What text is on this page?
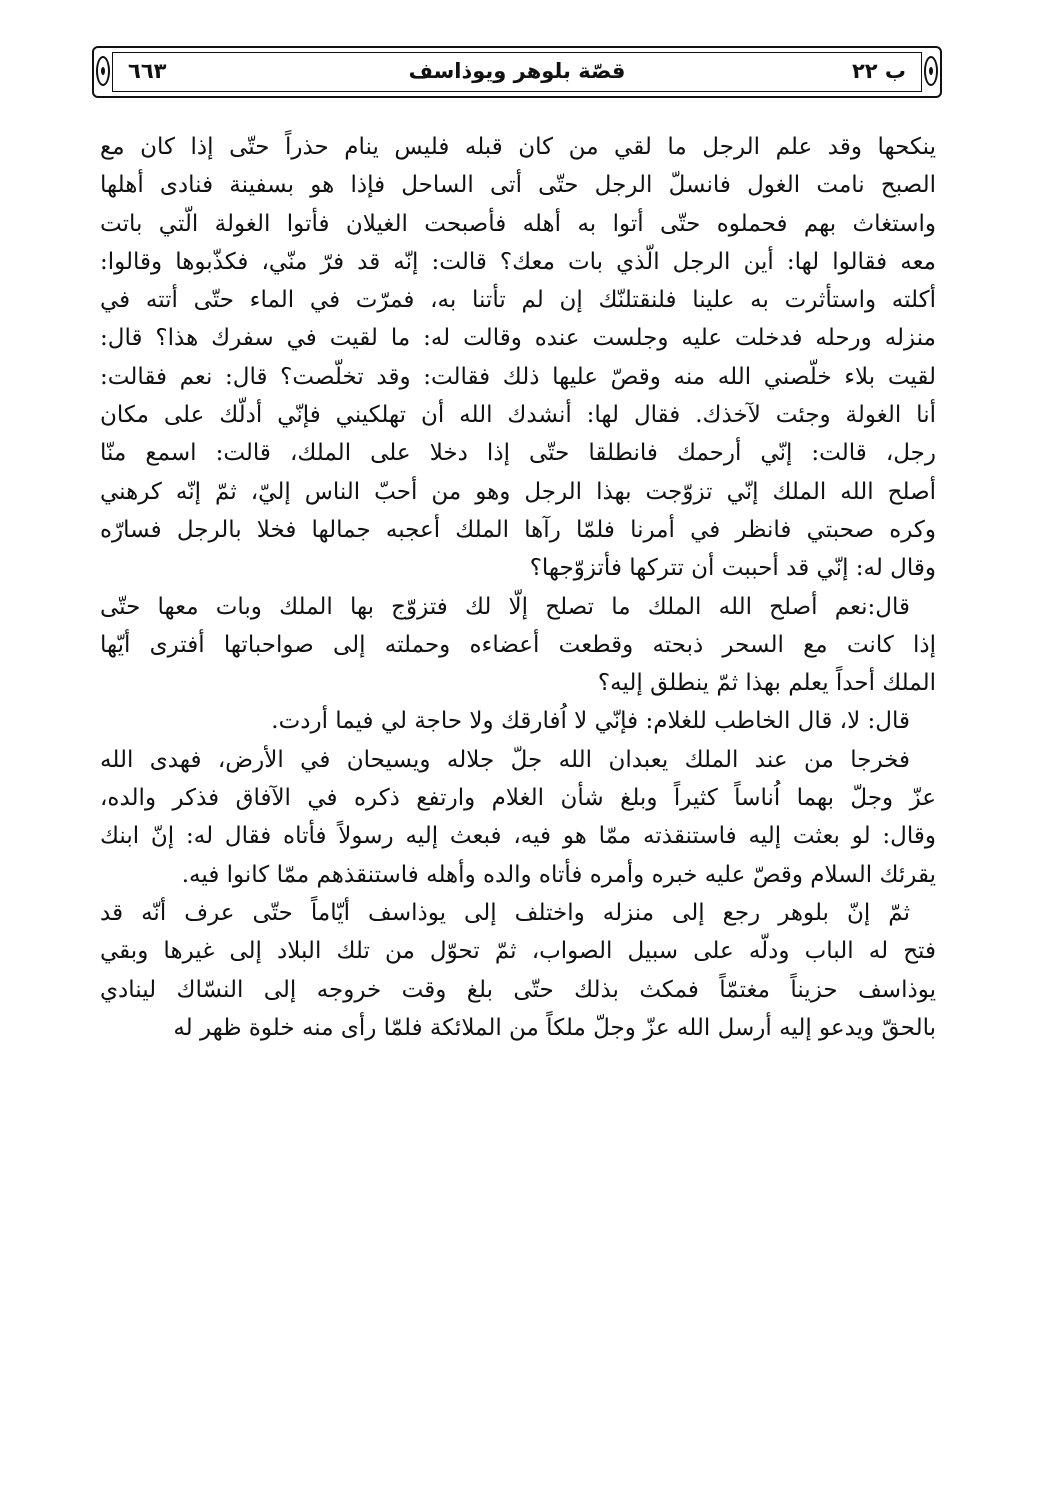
ب ٢٢
قصّة بلوهر ويوذاسف
٦٦٣
ينكحها وقد علم الرجل ما لقي من كان قبله فليس ينام حذراً حتّى إذا كان مع
الصبح نامت الغول فانسلّ الرجل حتّى أتى الساحل فإذا هو بسفينة فنادى أهلها
واستغاث بهم فحملوه حتّى أتوا به أهله فأصبحت الغيلان فأتوا الغولة الّتي باتت
معه فقالوا لها: أين الرجل الّذي بات معك؟ قالت: إنّه قد فرّ منّي، فكذّبوها وقالوا:
أكلته واستأثرت به علينا فلنقتلنّك إن لم تأتنا به، فمرّت في الماء حتّى أتته في
منزله ورحله فدخلت عليه وجلست عنده وقالت له: ما لقيت في سفرك هذا؟ قال:
لقيت بلاء خلّصني الله منه وقصّ عليها ذلك فقالت: وقد تخلّصت؟ قال: نعم فقالت:
أنا الغولة وجئت لآخذك. فقال لها: أنشدك الله أن تهلكيني فإنّي أدلّك على مكان
رجل، قالت: إنّي أرحمك فانطلقا حتّى إذا دخلا على الملك، قالت: اسمع منّا
أصلح الله الملك إنّي تزوّجت بهذا الرجل وهو من أحبّ الناس إليّ، ثمّ إنّه كرهني
وكره صحبتي فانظر في أمرنا فلمّا رآها الملك أعجبه جمالها فخلا بالرجل فسارّه
وقال له: إنّي قد أحببت أن تتركها فأتزوّجها؟
قال:نعم أصلح الله الملك ما تصلح إلّا لك فتزوّج بها الملك وبات معها حتّى
إذا كانت مع السحر ذبحته وقطعت أعضاءه وحملته إلى صواحباتها أفترى أيّها
الملك أحداً يعلم بهذا ثمّ ينطلق إليه؟
قال: لا، قال الخاطب للغلام: فإنّي لا اُفارقك ولا حاجة لي فيما أردت.
فخرجا من عند الملك يعبدان الله جلّ جلاله ويسيحان في الأرض، فهدى الله
عزّ وجلّ بهما اُناساً كثيراً وبلغ شأن الغلام وارتفع ذكره في الآفاق فذكر والده،
وقال: لو بعثت إليه فاستنقذته ممّا هو فيه، فبعث إليه رسولاً فأتاه فقال له: إنّ ابنك
يقرئك السلام وقصّ عليه خبره وأمره فأتاه والده وأهله فاستنقذهم ممّا كانوا فيه.
ثمّ إنّ بلوهر رجع إلى منزله واختلف إلى يوذاسف أيّاماً حتّى عرف أنّه قد
فتح له الباب ودلّه على سبيل الصواب، ثمّ تحوّل من تلك البلاد إلى غيرها وبقي
يوذاسف حزيناً مغتمّاً فمكث بذلك حتّى بلغ وقت خروجه إلى النسّاك لينادي
بالحقّ ويدعو إليه أرسل الله عزّ وجلّ ملكاً من الملائكة فلمّا رأى منه خلوة ظهر له
